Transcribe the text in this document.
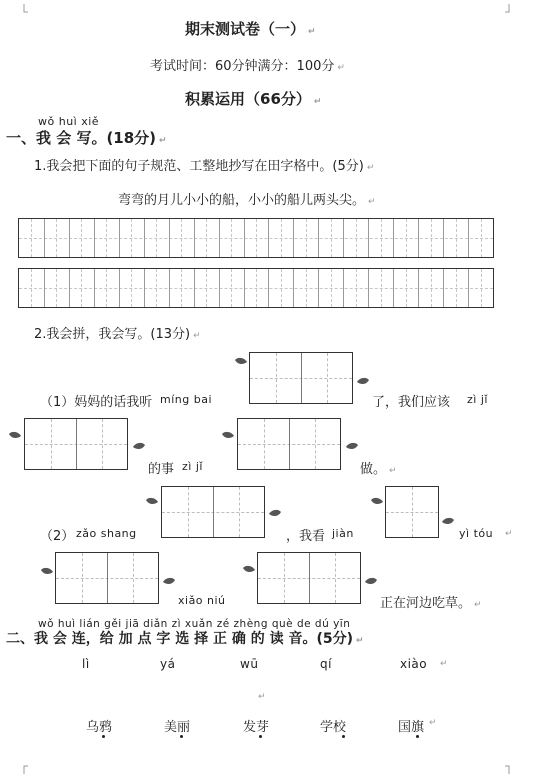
期末测试卷（一） ↵
考试时间：60分钟满分：100分 ↵
积累运用（66分） ↵
wǒ huì xiě
一、我 会 写。(18分) ↵
1.我会把下面的句子规范、工整地抄写在田字格中。(5分) ↵
弯弯的月儿小小的船，小小的船儿两头尖。 ↵
2.我会拼，我会写。(13分) ↵
（1）妈妈的话我听 míng bai	了，我们应该 zì jǐ
的事 zì jǐ	做。 ↵
（2） zǎo shang	，我看 jiàn	yì tóu ↵
xiǎo niú	正在河边吃草。 ↵
wǒ huì lián gěi jiā diǎn zì xuǎn zé zhèng què de dú yīn
二、我 会 连，给 加 点 字 选 择 正 确 的 读 音。(5分) ↵
lì	yá	wū	qí	xiào ↵
↵
乌鸦	美丽	发芽	学校	国旗 ↵
